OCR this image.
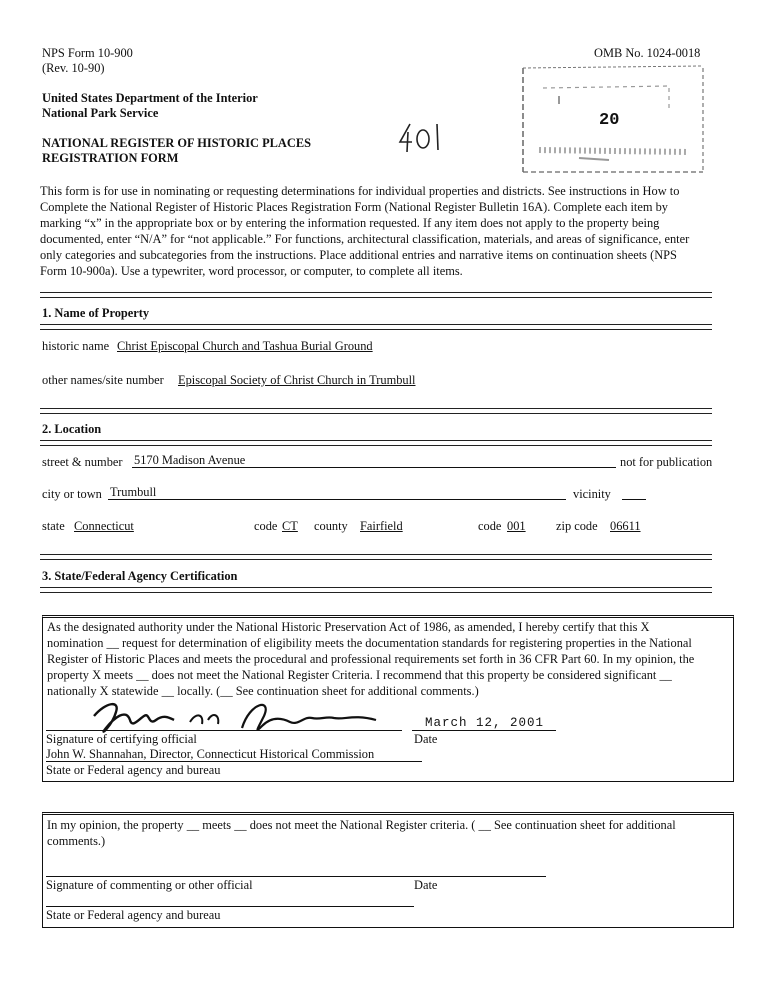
NPS Form 10-900
(Rev. 10-90)
OMB No. 1024-0018
United States Department of the Interior
National Park Service
NATIONAL REGISTER OF HISTORIC PLACES
REGISTRATION FORM
20
This form is for use in nominating or requesting determinations for individual properties and districts. See instructions in How to
Complete the National Register of Historic Places Registration Form (National Register Bulletin 16A). Complete each item by
marking “x” in the appropriate box or by entering the information requested. If any item does not apply to the property being
documented, enter “N/A” for “not applicable.” For functions, architectural classification, materials, and areas of significance, enter
only categories and subcategories from the instructions. Place additional entries and narrative items on continuation sheets (NPS
Form 10-900a). Use a typewriter, word processor, or computer, to complete all items.
1. Name of Property
historic name Christ Episcopal Church and Tashua Burial Ground
other names/site number Episcopal Society of Christ Church in Trumbull
2. Location
street & number 5170 Madison Avenue	not for publication
city or town Trumbull	vicinity
state Connecticut	code CT county Fairfield	code 001 zip code 06611
3. State/Federal Agency Certification
As the designated authority under the National Historic Preservation Act of 1986, as amended, I hereby certify that this X
nomination __ request for determination of eligibility meets the documentation standards for registering properties in the National
Register of Historic Places and meets the procedural and professional requirements set forth in 36 CFR Part 60. In my opinion, the
property X meets __ does not meet the National Register Criteria. I recommend that this property be considered significant __
nationally X statewide __ locally. (__ See continuation sheet for additional comments.)
Signature of certifying official
March 12, 2001
Date
John W. Shannahan, Director, Connecticut Historical Commission
State or Federal agency and bureau
In my opinion, the property __ meets __ does not meet the National Register criteria. ( __ See continuation sheet for additional
comments.)
Signature of commenting or other official	Date
State or Federal agency and bureau
